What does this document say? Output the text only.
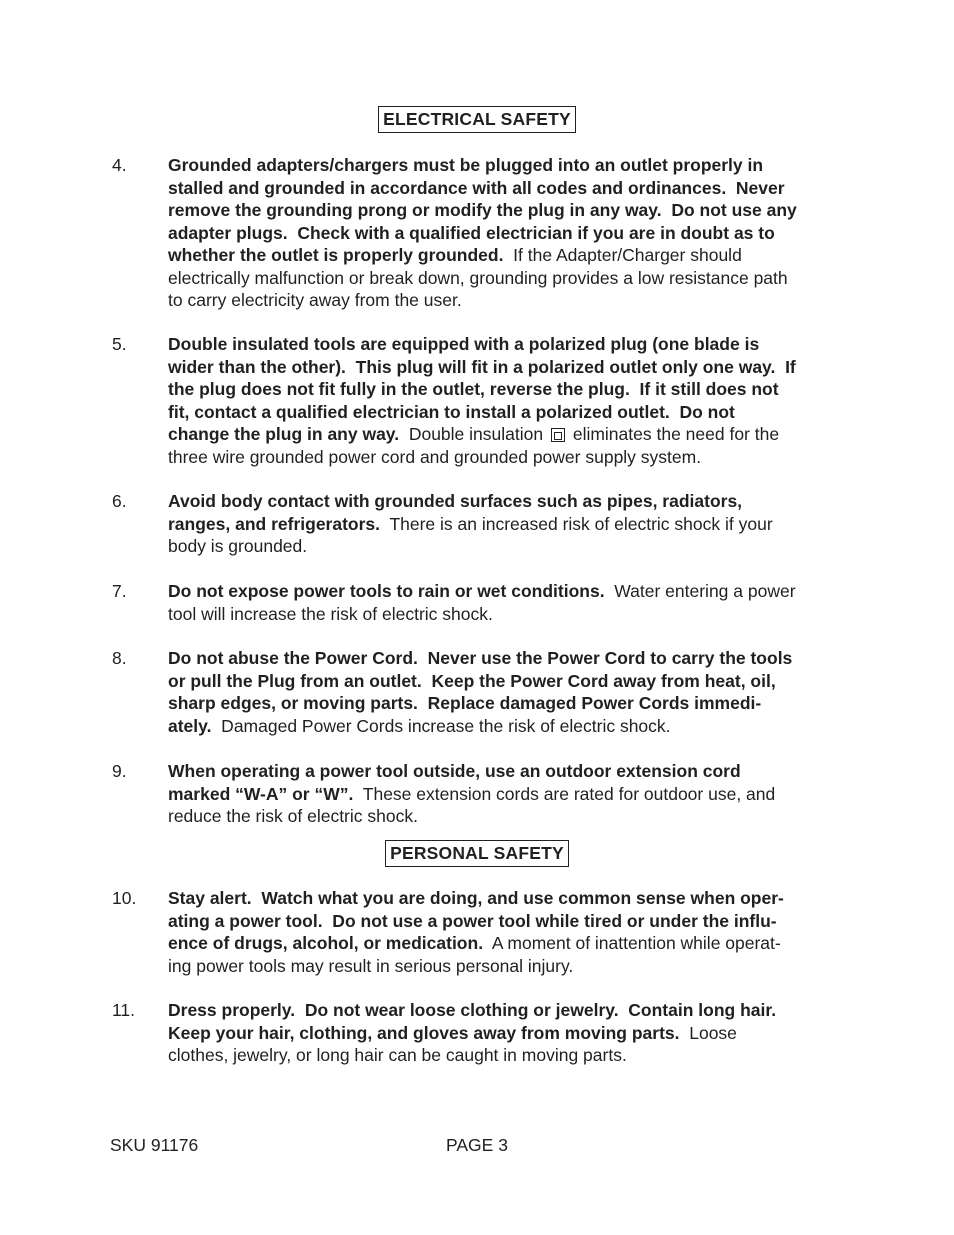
ELECTRICAL SAFETY
4. Grounded adapters/chargers must be plugged into an outlet properly in
stalled and grounded in accordance with all codes and ordinances.  Never
remove the grounding prong or modify the plug in any way.  Do not use any
adapter plugs.  Check with a qualified electrician if you are in doubt as to
whether the outlet is properly grounded.  If the Adapter/Charger should
electrically malfunction or break down, grounding provides a low resistance path
to carry electricity away from the user.
5. Double insulated tools are equipped with a polarized plug (one blade is
wider than the other).  This plug will fit in a polarized outlet only one way.  If
the plug does not fit fully in the outlet, reverse the plug.  If it still does not
fit, contact a qualified electrician to install a polarized outlet.  Do not
change the plug in any way.  Double insulation  eliminates the need for the
three wire grounded power cord and grounded power supply system.
6. Avoid body contact with grounded surfaces such as pipes, radiators,
ranges, and refrigerators.  There is an increased risk of electric shock if your
body is grounded.
7. Do not expose power tools to rain or wet conditions.  Water entering a power
tool will increase the risk of electric shock.
8. Do not abuse the Power Cord.  Never use the Power Cord to carry the tools
or pull the Plug from an outlet.  Keep the Power Cord away from heat, oil,
sharp edges, or moving parts.  Replace damaged Power Cords immedi-
ately.  Damaged Power Cords increase the risk of electric shock.
9. When operating a power tool outside, use an outdoor extension cord
marked “W-A” or “W”.  These extension cords are rated for outdoor use, and
reduce the risk of electric shock.
PERSONAL SAFETY
10. Stay alert.  Watch what you are doing, and use common sense when oper-
ating a power tool.  Do not use a power tool while tired or under the influ-
ence of drugs, alcohol, or medication.  A moment of inattention while operat-
ing power tools may result in serious personal injury.
11. Dress properly.  Do not wear loose clothing or jewelry.  Contain long hair.
Keep your hair, clothing, and gloves away from moving parts.  Loose
clothes, jewelry, or long hair can be caught in moving parts.
SKU 91176	PAGE 3
